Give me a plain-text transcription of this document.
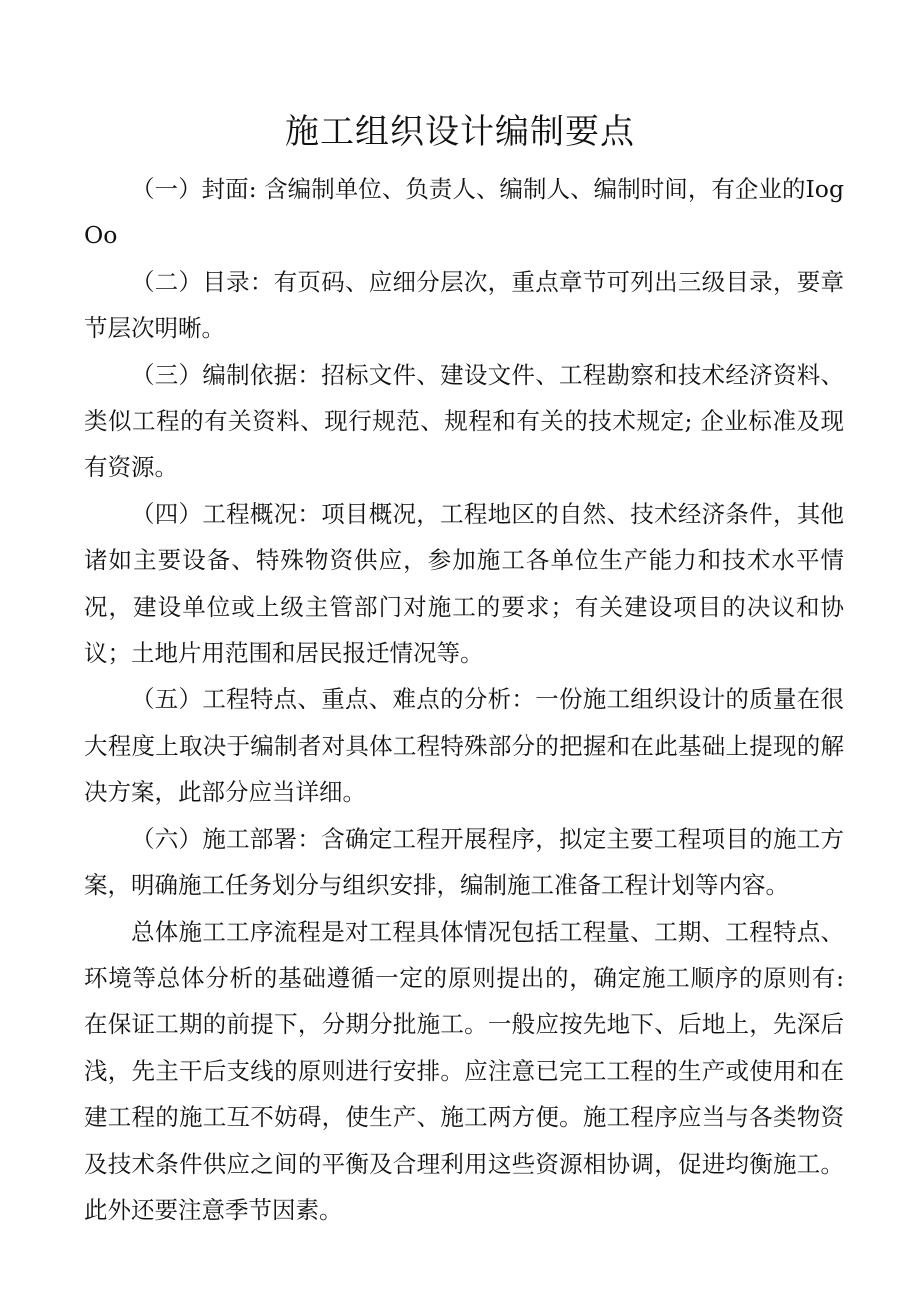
施工组织设计编制要点

（一）封面: 含编制单位、负责人、编制人、编制时间，有企业的IogOo

（二）目录：有页码、应细分层次，重点章节可列出三级目录，要章节层次明晰。

（三）编制依据：招标文件、建设文件、工程勘察和技术经济资料、类似工程的有关资料、现行规范、规程和有关的技术规定; 企业标准及现有资源。

（四）工程概况：项目概况，工程地区的自然、技术经济条件，其他诸如主要设备、特殊物资供应，参加施工各单位生产能力和技术水平情况，建设单位或上级主管部门对施工的要求；有关建设项目的决议和协议；土地片用范围和居民报迁情况等。

（五）工程特点、重点、难点的分析：一份施工组织设计的质量在很大程度上取决于编制者对具体工程特殊部分的把握和在此基础上提现的解决方案，此部分应当详细。

（六）施工部署：含确定工程开展程序，拟定主要工程项目的施工方案，明确施工任务划分与组织安排，编制施工准备工程计划等内容。

总体施工工序流程是对工程具体情况包括工程量、工期、工程特点、环境等总体分析的基础遵循一定的原则提出的，确定施工顺序的原则有: 在保证工期的前提下，分期分批施工。一般应按先地下、后地上，先深后浅，先主干后支线的原则进行安排。应注意已完工工程的生产或使用和在建工程的施工互不妨碍，使生产、施工两方便。施工程序应当与各类物资及技术条件供应之间的平衡及合理利用这些资源相协调，促进均衡施工。此外还要注意季节因素。
